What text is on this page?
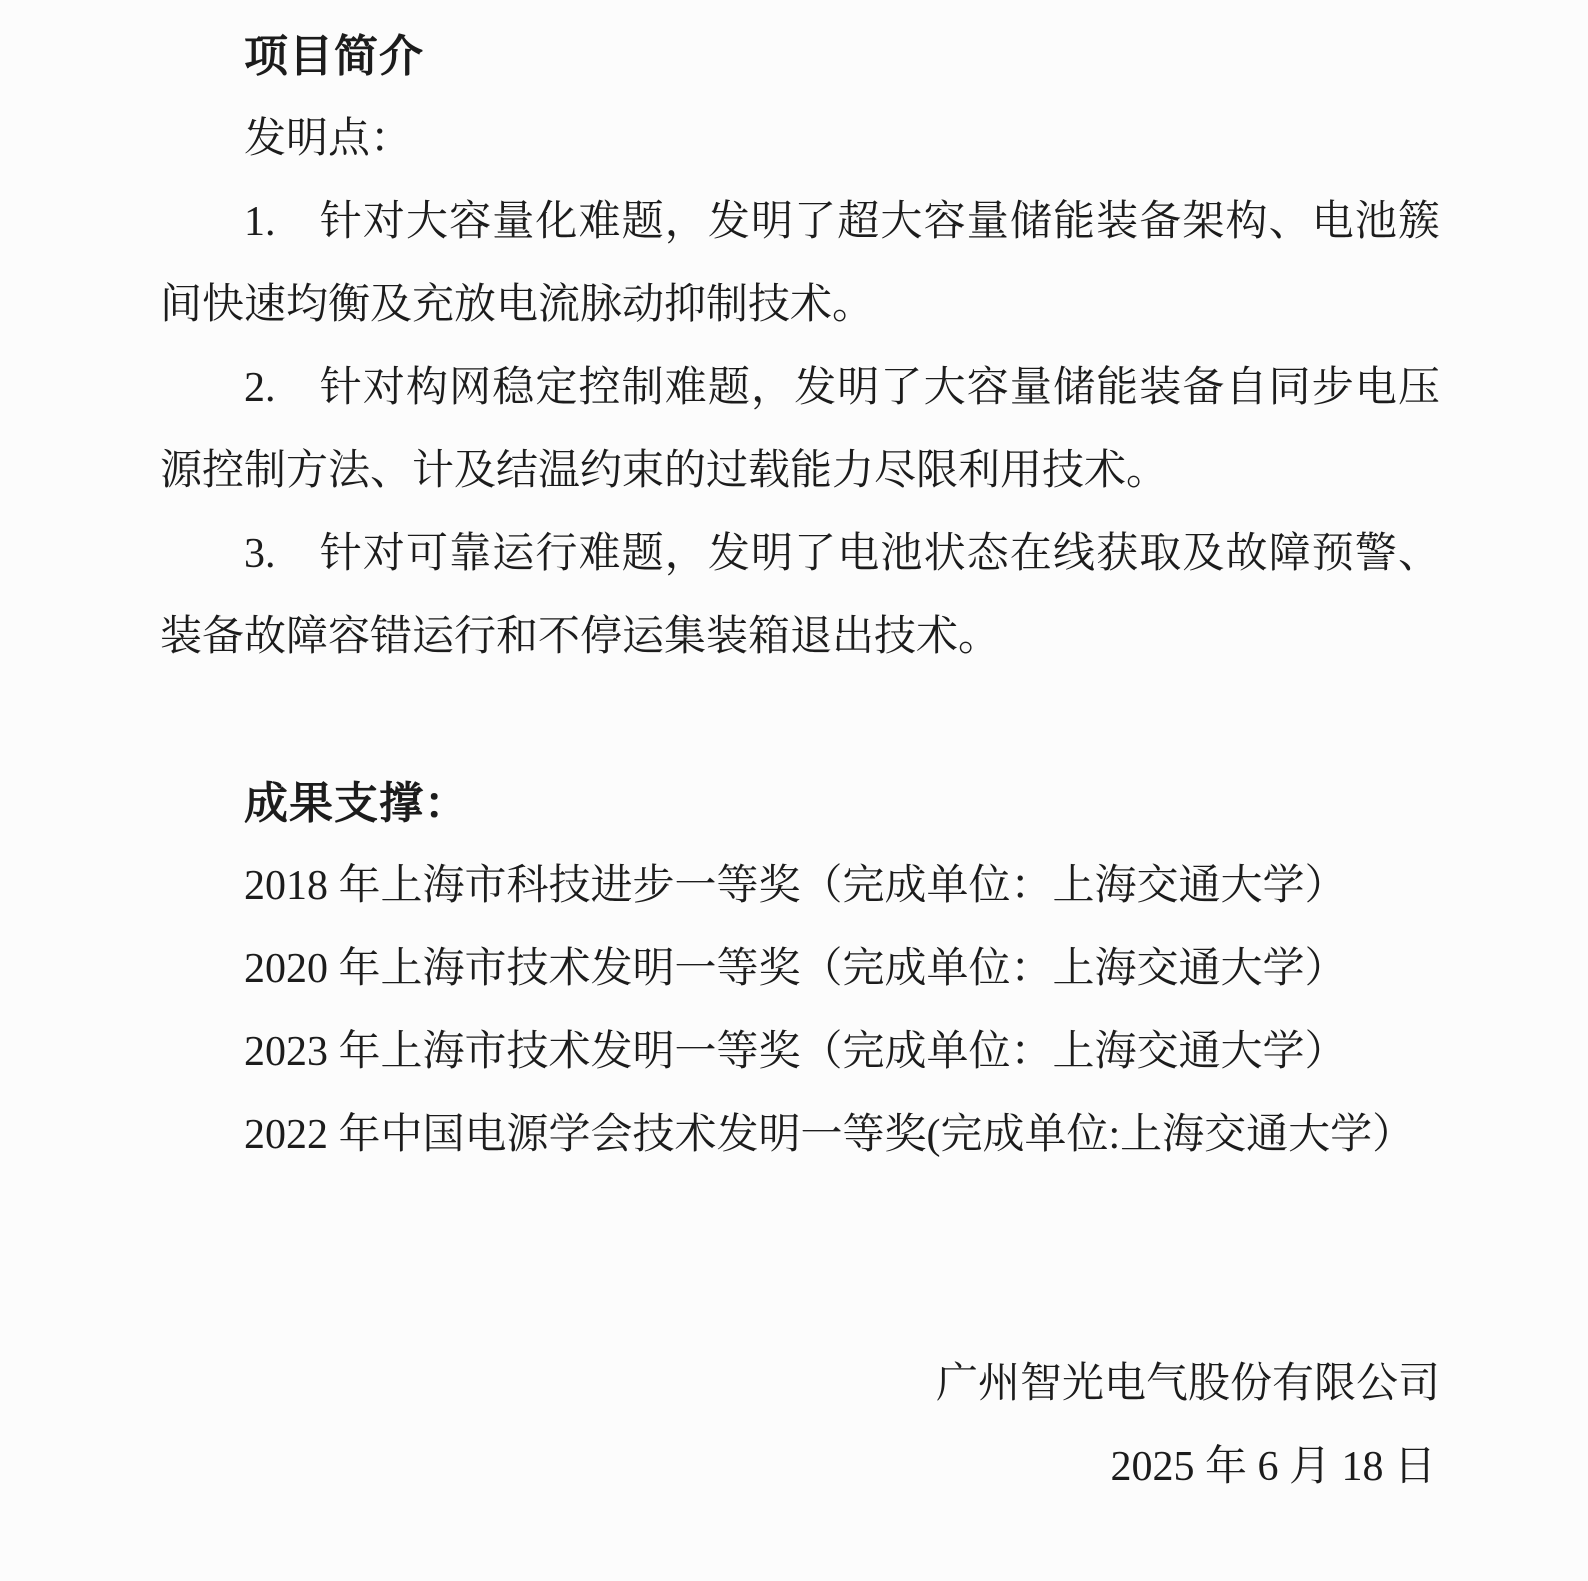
项目简介
发明点：
1.　针对大容量化难题，发明了超大容量储能装备架构、电池簇
间快速均衡及充放电流脉动抑制技术。
2.　针对构网稳定控制难题，发明了大容量储能装备自同步电压
源控制方法、计及结温约束的过载能力尽限利用技术。
3.　针对可靠运行难题，发明了电池状态在线获取及故障预警、
装备故障容错运行和不停运集装箱退出技术。
成果支撑：
2018 年上海市科技进步一等奖（完成单位：上海交通大学）
2020 年上海市技术发明一等奖（完成单位：上海交通大学）
2023 年上海市技术发明一等奖（完成单位：上海交通大学）
2022 年中国电源学会技术发明一等奖(完成单位:上海交通大学）
广州智光电气股份有限公司
2025 年 6 月 18 日
